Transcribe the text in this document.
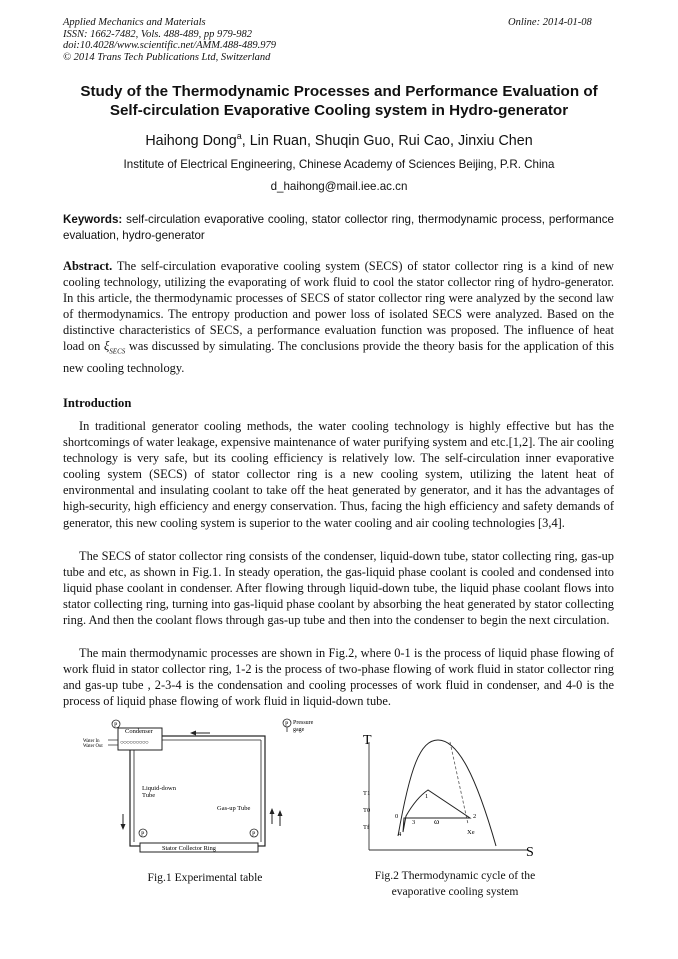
Applied Mechanics and Materials
ISSN: 1662-7482, Vols. 488-489, pp 979-982
doi:10.4028/www.scientific.net/AMM.488-489.979
© 2014 Trans Tech Publications Ltd, Switzerland
Online: 2014-01-08
Study of the Thermodynamic Processes and Performance Evaluation of
Self-circulation Evaporative Cooling system in Hydro-generator
Haihong Dong$^a$, Lin Ruan, Shuqin Guo, Rui Cao, Jinxiu Chen
Institute of Electrical Engineering, Chinese Academy of Sciences Beijing, P.R. China
d_haihong@mail.iee.ac.cn
Keywords: self-circulation evaporative cooling, stator collector ring, thermodynamic process, performance evaluation, hydro-generator
Abstract. The self-circulation evaporative cooling system (SECS) of stator collector ring is a kind of new cooling technology, utilizing the evaporating of work fluid to cool the stator collector ring of hydro-generator. In this article, the thermodynamic processes of SECS of stator collector ring were analyzed by the second law of thermodynamics. The entropy production and power loss of isolated SECS were analyzed. Based on the distinctive characteristics of SECS, a performance evaluation function was proposed. The influence of heat load on $\xi_{SECS}$ was discussed by simulating. The conclusions provide the theory basis for the application of this new cooling technology.
Introduction
In traditional generator cooling methods, the water cooling technology is highly effective but has the shortcomings of water leakage, expensive maintenance of water purifying system and etc.[1,2]. The air cooling technology is very safe, but its cooling efficiency is relatively low. The self-circulation inner evaporative cooling system (SECS) of stator collector ring is a new cooling system, utilizing the latent heat of environmental and insulating coolant to take off the heat generated by generator, and it has the advantages of high-security, high efficiency and energy conservation. Thus, facing the high efficiency and safety demands of generator, this new cooling system is superior to the water cooling and air cooling technologies [3,4].
The SECS of stator collector ring consists of the condenser, liquid-down tube, stator collecting ring, gas-up tube and etc, as shown in Fig.1. In steady operation, the gas-liquid phase coolant is cooled and condensed into liquid phase coolant in condenser. After flowing through liquid-down tube, the liquid phase coolant flows into stator collecting ring, turning into gas-liquid phase coolant by absorbing the heat generated by stator collecting ring. And then the coolant flows through gas-up tube and then into the condenser to begin the next circulation.
The main thermodynamic processes are shown in Fig.2, where 0-1 is the process of liquid phase flowing of work fluid in stator collector ring, 1-2 is the process of two-phase flowing of work fluid in stator collector ring and gas-up tube , 2-3-4 is the condensation and cooling processes of work fluid in condenser, and 4-0 is the process of liquid phase flowing of work fluid in liquid-down tube.
Condenser
○○○○○○○○○
P	P Pressure
gage
Water In
Water Out
Liquid-down
Tube
Gas-up Tube
Stator Collector Ring
P	P
Fig.1 Experimental table
T
S
T1
T0
Tf
0
1
2
3
4
ω
Xe
Fig.2 Thermodynamic cycle of the
evaporative cooling system
